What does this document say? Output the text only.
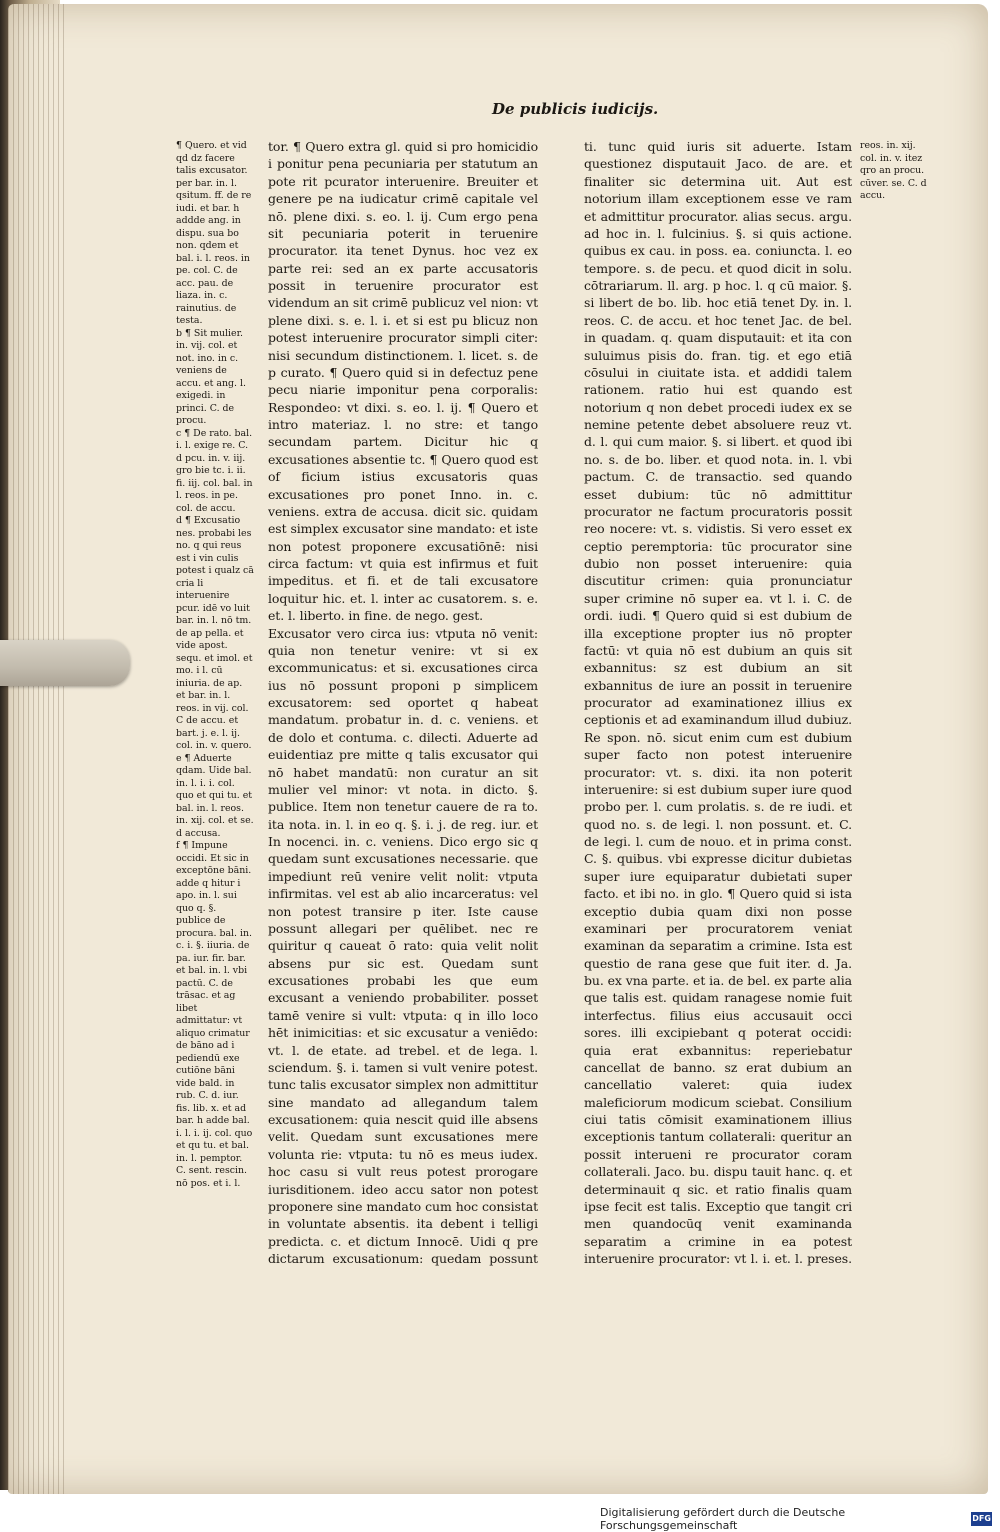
De publicis iudicijs.

¶ Quero. et vid qd dz facere talis excusator. per bar. in. l. qsitum. ff. de re iudi. et bar. h addde ang. in dispu. sua bo non. qdem et bal. i. l. reos. in pe. col. C. de acc. pau. de liaza. in. c. rainutius. de testa.

b ¶ Sit mulier. in. vij. col. et not. ino. in c. veniens de accu. et ang. l. exigedi. in princi. C. de procu.

c ¶ De rato. bal. i. l. exige re. C. d pcu. in. v. iij. gro bie tc. i. ii. fi. iij. col. bal. in l. reos. in pe. col. de accu.

d ¶ Excusatio nes. probabi les no. q qui reus est i vin culis potest i qualz cā cria li interuenire pcur. idē vo luit bar. in. l. nō tm. de ap pella. et vide apost. sequ. et imol. et mo. i l. cū iniuria. de ap. et bar. in. l. reos. in vij. col. C de accu. et bart. j. e. l. ij. col. in. v. quero.

e ¶ Aduerte qdam. Uide bal. in. l. i. i. col. quo et qui tu. et bal. in. l. reos. in. xij. col. et se. d accusa.

f ¶ Impune occidi. Et sic in exceptōne bāni. adde q hitur i apo. in. l. sui quo q. §. publice de procura. bal. in. c. i. §. iiuria. de pa. iur. fir. bar. et bal. in. l. vbi pactū. C. de trāsac. et ag libet admittatur: vt aliquo crimatur de bāno ad i pediendū exe cutiōne bāni vide bald. in rub. C. d. iur. fis. lib. x. et ad bar. h adde bal. i. l. i. ij. col. quo et qu tu. et bal. in. l. pemptor. C. sent. rescin. nō pos. et i. l.

tor. ¶ Quero extra gl. quid si pro homicidio i ponitur pena pecuniaria per statutum an pote rit pcurator interuenire. Breuiter et genere pe na iudicatur crimē capitale vel nō. plene dixi. s. eo. l. ij. Cum ergo pena sit pecuniaria poterit in teruenire procurator. ita tenet Dynus. hoc vez ex parte rei: sed an ex parte accusatoris possit in teruenire procurator est videndum an sit crimē publicuz vel nion: vt plene dixi. s. e. l. i. et si est pu blicuz non potest interuenire procurator simpli citer: nisi secundum distinctionem. l. licet. s. de p curato. ¶ Quero quid si in defectuz pene pecu niarie imponitur pena corporalis: Respondeo: vt dixi. s. eo. l. ij. ¶ Quero et intro materiaz. l. no stre: et tango secundam partem. Dicitur hic q excusationes absentie tc. ¶ Quero quod est of ficium istius excusatoris quas excusationes pro ponet Inno. in. c. veniens. extra de accusa. dicit sic. quidam est simplex excusator sine mandato: et iste non potest proponere excusatiōnē: nisi circa factum: vt quia est infirmus et fuit impeditus. et fi. et de tali excusatore loquitur hic. et. l. inter ac cusatorem. s. e. et. l. liberto. in fine. de nego. gest.

Excusator vero circa ius: vtputa nō venit: quia non tenetur venire: vt si ex excommunicatus: et si. excusationes circa ius nō possunt proponi p simplicem excusatorem: sed oportet q habeat mandatum. probatur in. d. c. veniens. et de dolo et contuma. c. dilecti. Aduerte ad euidentiaz pre mitte q talis excusator qui nō habet mandatū: non curatur an sit mulier vel minor: vt nota. in dicto. §. publice. Item non tenetur cauere de ra to. ita nota. in. l. in eo q. §. i. j. de reg. iur. et In nocenci. in. c. veniens. Dico ergo sic q quedam sunt excusationes necessarie. que impediunt reū venire velit nolit: vtputa infirmitas. vel est ab alio incarceratus: vel non potest transire p iter. Iste cause possunt allegari per quēlibet. nec re quiritur q caueat ō rato: quia velit nolit absens pur sic est. Quedam sunt excusationes probabi les que eum excusant a veniendo probabiliter. posset tamē venire si vult: vtputa: q in illo loco hēt inimicitias: et sic excusatur a veniēdo: vt. l. de etate. ad trebel. et de lega. l. sciendum. §. i. tamen si vult venire potest. tunc talis excusator simplex non admittitur sine mandato ad allegandum talem excusationem: quia nescit quid ille absens velit. Quedam sunt excusationes mere volunta rie: vtputa: tu nō es meus iudex. hoc casu si vult reus potest prorogare iurisditionem. ideo accu sator non potest proponere sine mandato cum hoc consistat in voluntate absentis. ita debent i telligi predicta. c. et dictum Innocē. Uidi q pre dictarum excusationum: quedam possunt

ti. tunc quid iuris sit aduerte. Istam questionez disputauit Jaco. de are. et finaliter sic determina uit. Aut est notorium illam exceptionem esse ve ram et admittitur procurator. alias secus. argu. ad hoc in. l. fulcinius. §. si quis actione. quibus ex cau. in poss. ea. coniuncta. l. eo tempore. s. de pecu. et quod dicit in solu. cōtrariarum. ll. arg. p hoc. l. q cū maior. §. si libert de bo. lib. hoc etiā tenet Dy. in. l. reos. C. de accu. et hoc tenet Jac. de bel. in quadam. q. quam disputauit: et ita con suluimus pisis do. fran. tig. et ego etiā cōsului in ciuitate ista. et addidi talem rationem. ratio hui est quando est notorium q non debet procedi iudex ex se nemine petente debet absoluere reuz vt. d. l. qui cum maior. §. si libert. et quod ibi no. s. de bo. liber. et quod nota. in. l. vbi pactum. C. de transactio. sed quando esset dubium: tūc nō admittitur procurator ne factum procuratoris possit reo nocere: vt. s. vidistis. Si vero esset ex ceptio peremptoria: tūc procurator sine dubio non posset interuenire: quia discutitur crimen: quia pronunciatur super crimine nō super ea. vt l. i. C. de ordi. iudi. ¶ Quero quid si est dubium de illa exceptione propter ius nō propter factū: vt quia nō est dubium an quis sit exbannitus: sz est dubium an sit exbannitus de iure an possit in teruenire procurator ad examinationez illius ex ceptionis et ad examinandum illud dubiuz. Re spon. nō. sicut enim cum est dubium super facto non potest interuenire procurator: vt. s. dixi. ita non poterit interuenire: si est dubium super iure quod probo per. l. cum prolatis. s. de re iudi. et quod no. s. de legi. l. non possunt. et. C. de legi. l. cum de nouo. et in prima const. C. §. quibus. vbi expresse dicitur dubietas super iure equiparatur dubietati super facto. et ibi no. in glo. ¶ Quero quid si ista exceptio dubia quam dixi non posse examinari per procuratorem veniat examinan da separatim a crimine. Ista est questio de rana gese que fuit iter. d. Ja. bu. ex vna parte. et ia. de bel. ex parte alia que talis est. quidam ranagese nomie fuit interfectus. filius eius accusauit occi sores. illi excipiebant q poterat occidi: quia erat exbannitus: reperiebatur cancellat de banno. sz erat dubium an cancellatio valeret: quia iudex maleficiorum modicum sciebat. Consilium ciui tatis cōmisit examinationem illius exceptionis tantum collaterali: queritur an possit interueni re procurator coram collaterali. Jaco. bu. dispu tauit hanc. q. et determinauit q sic. et ratio finalis quam ipse fecit est talis. Exceptio que tangit cri men quandocūq venit examinanda separatim a crimine in ea potest interuenire procurator: vt l. i. et. l. preses.

reos. in. xij. col. in. v. itez qro an procu. cūver. se. C. d accu.

Digitalisierung gefördert durch die Deutsche Forschungsgemeinschaft
DFG
